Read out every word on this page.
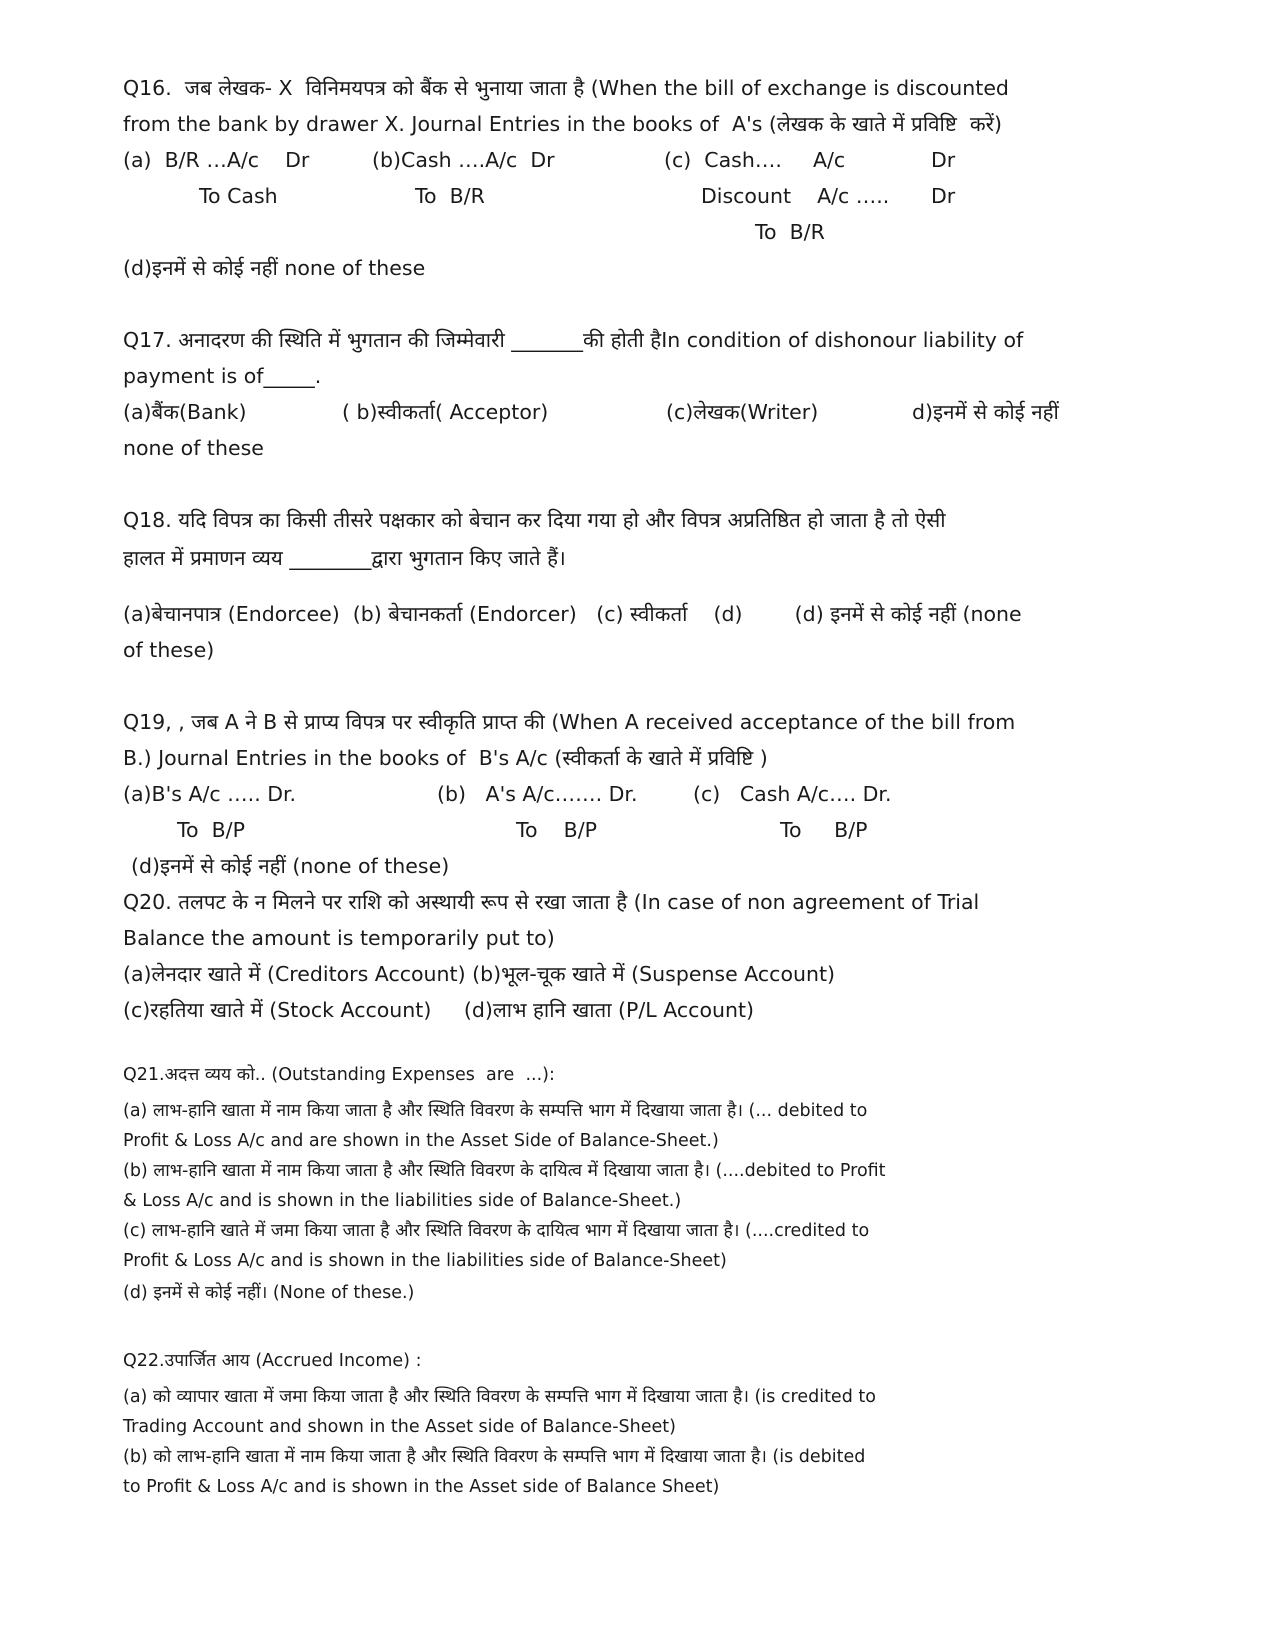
Q16.  जब लेखक- X  विनिमयपत्र को बैंक से भुनाया जाता है (When the bill of exchange is discounted
from the bank by drawer X. Journal Entries in the books of  A's (लेखक के खाते में प्रविष्टि  करें)
(a)  B/R …A/c    Dr
To Cash
(b)Cash ….A/c  Dr
To  B/R
(c)  Cash…. A/c	Dr
Discount    A/c ….. Dr
To  B/R
(d)इनमें से कोई नहीं none of these
Q17. अनादरण की स्थिति में भुगतान की जिम्मेवारी _______की होती हैIn condition of dishonour liability of
payment is of_____.
(a)बैंक(Bank)	( b)स्वीकर्ता( Acceptor)	(c)लेखक(Writer)	d)इनमें से कोई नहीं
none of these
Q18. यदि विपत्र का किसी तीसरे पक्षकार को बेचान कर दिया गया हो और विपत्र अप्रतिष्ठित हो जाता है तो ऐसी
हालत में प्रमाणन व्यय ________द्वारा भुगतान किए जाते हैं।
(a)बेचानपात्र (Endorcee)  (b) बेचानकर्ता (Endorcer)   (c) स्वीकर्ता    (d)        (d) इनमें से कोई नहीं (none
of these)
Q19, , जब A ने B से प्राप्य विपत्र पर स्वीकृति प्राप्त की (When A received acceptance of the bill from
B.) Journal Entries in the books of  B's A/c (स्वीकर्ता के खाते में प्रविष्टि )
(a)B's A/c ….. Dr.
To  B/P
(b)   A's A/c……. Dr.
To    B/P
(c)   Cash A/c…. Dr.
To     B/P
(d)इनमें से कोई नहीं (none of these)
Q20. तलपट के न मिलने पर राशि को अस्थायी रूप से रखा जाता है (In case of non agreement of Trial
Balance the amount is temporarily put to)
(a)लेनदार खाते में (Creditors Account) (b)भूल-चूक खाते में (Suspense Account)
(c)रहतिया खाते में (Stock Account)     (d)लाभ हानि खाता (P/L Account)
Q21.अदत्त व्यय को.. (Outstanding Expenses  are  ...):
(a) लाभ-हानि खाता में नाम किया जाता है और स्थिति विवरण के सम्पत्ति भाग में दिखाया जाता है। (... debited to
Profit & Loss A/c and are shown in the Asset Side of Balance-Sheet.)
(b) लाभ-हानि खाता में नाम किया जाता है और स्थिति विवरण के दायित्व में दिखाया जाता है। (....debited to Profit
& Loss A/c and is shown in the liabilities side of Balance-Sheet.)
(c) लाभ-हानि खाते में जमा किया जाता है और स्थिति विवरण के दायित्व भाग में दिखाया जाता है। (....credited to
Profit & Loss A/c and is shown in the liabilities side of Balance-Sheet)
(d) इनमें से कोई नहीं। (None of these.)
Q22.उपार्जित आय (Accrued Income) :
(a) को व्यापार खाता में जमा किया जाता है और स्थिति विवरण के सम्पत्ति भाग में दिखाया जाता है। (is credited to
Trading Account and shown in the Asset side of Balance-Sheet)
(b) को लाभ-हानि खाता में नाम किया जाता है और स्थिति विवरण के सम्पत्ति भाग में दिखाया जाता है। (is debited
to Profit & Loss A/c and is shown in the Asset side of Balance Sheet)
